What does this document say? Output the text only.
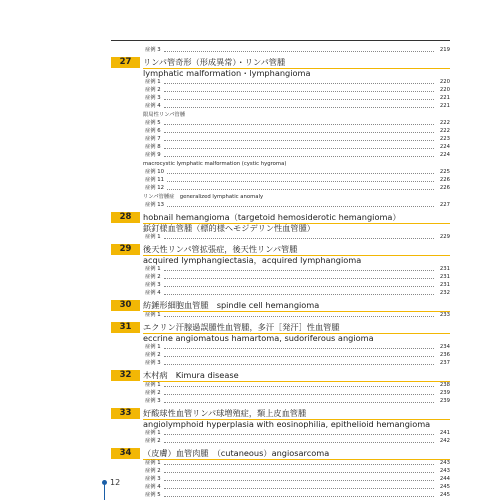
症例 3	219
27	リンパ管奇形（形成異常）・リンパ管腫
lymphatic malformation・lymphangioma
症例 1	220
症例 2	220
症例 3	221
症例 4	221
限局性リンパ管腫
症例 5	222
症例 6	222
症例 7	223
症例 8	224
症例 9	224
macrocystic lymphatic malformation (cystic hygroma)
症例 10	225
症例 11	226
症例 12	226
リンパ管腫症　generalized lymphatic anomaly
症例 13	227
28	hobnail hemangioma（targetoid hemosiderotic hemangioma）
鋲釘様血管腫（標的様ヘモジデリン性血管腫）
症例 1	229
29	後天性リンパ管拡張症，後天性リンパ管腫
acquired lymphangiectasia，acquired lymphangioma
症例 1	231
症例 2	231
症例 3	231
症例 4	232
30	紡錘形細胞血管腫　spindle cell hemangioma
症例 1	233
31	エクリン汗腺過誤腫性血管腫，多汗［発汗］性血管腫
eccrine angiomatous hamartoma, sudoriferous angioma
症例 1	234
症例 2	236
症例 3	237
32	木村病　Kimura disease
症例 1	238
症例 2	239
症例 3	239
33	好酸球性血管リンパ球増殖症，類上皮血管腫
angiolymphoid hyperplasia with eosinophilia, epithelioid hemangioma
症例 1	241
症例 2	242
34	（皮膚）血管肉腫　（cutaneous）angiosarcoma
症例 1	243
症例 2	243
症例 3	244
症例 4	245
症例 5	245
12
